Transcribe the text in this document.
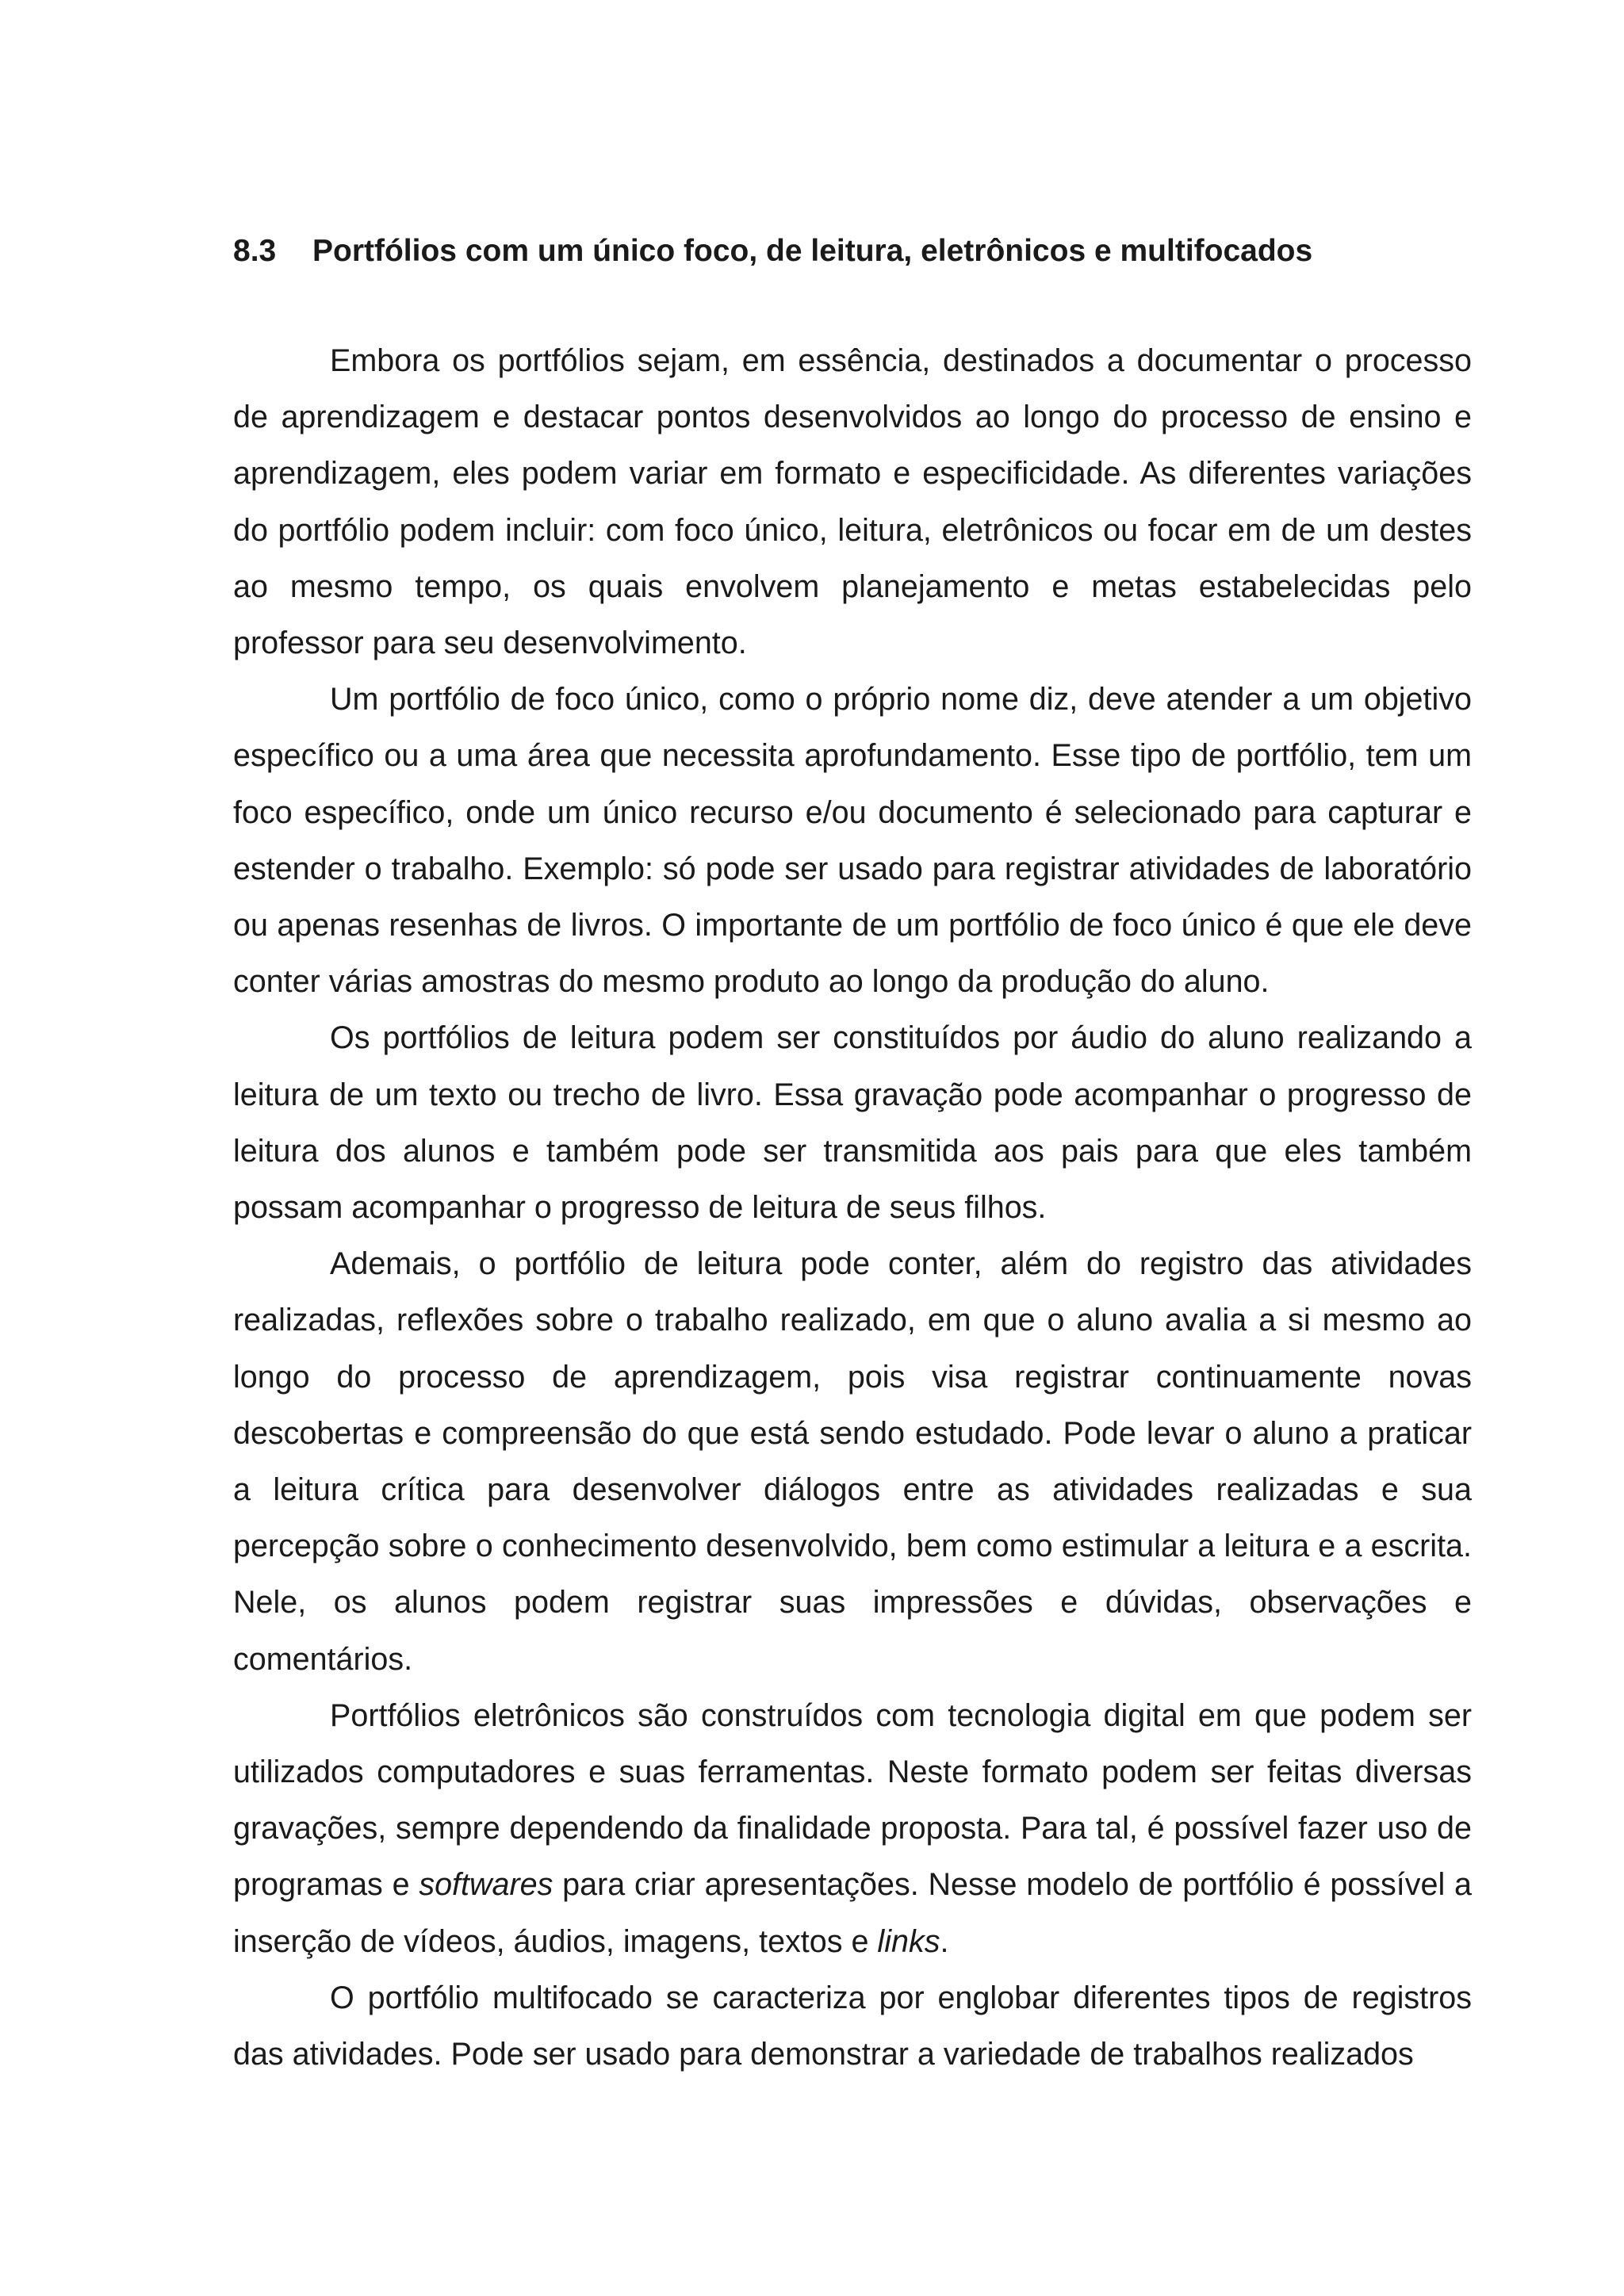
8.3 Portfólios com um único foco, de leitura, eletrônicos e multifocados

Embora os portfólios sejam, em essência, destinados a documentar o processo de aprendizagem e destacar pontos desenvolvidos ao longo do processo de ensino e aprendizagem, eles podem variar em formato e especificidade. As diferentes variações do portfólio podem incluir: com foco único, leitura, eletrônicos ou focar em de um destes ao mesmo tempo, os quais envolvem planejamento e metas estabelecidas pelo professor para seu desenvolvimento.

Um portfólio de foco único, como o próprio nome diz, deve atender a um objetivo específico ou a uma área que necessita aprofundamento. Esse tipo de portfólio, tem um foco específico, onde um único recurso e/ou documento é selecionado para capturar e estender o trabalho. Exemplo: só pode ser usado para registrar atividades de laboratório ou apenas resenhas de livros. O importante de um portfólio de foco único é que ele deve conter várias amostras do mesmo produto ao longo da produção do aluno.

Os portfólios de leitura podem ser constituídos por áudio do aluno realizando a leitura de um texto ou trecho de livro. Essa gravação pode acompanhar o progresso de leitura dos alunos e também pode ser transmitida aos pais para que eles também possam acompanhar o progresso de leitura de seus filhos.

Ademais, o portfólio de leitura pode conter, além do registro das atividades realizadas, reflexões sobre o trabalho realizado, em que o aluno avalia a si mesmo ao longo do processo de aprendizagem, pois visa registrar continuamente novas descobertas e compreensão do que está sendo estudado. Pode levar o aluno a praticar a leitura crítica para desenvolver diálogos entre as atividades realizadas e sua percepção sobre o conhecimento desenvolvido, bem como estimular a leitura e a escrita. Nele, os alunos podem registrar suas impressões e dúvidas, observações e comentários.

Portfólios eletrônicos são construídos com tecnologia digital em que podem ser utilizados computadores e suas ferramentas. Neste formato podem ser feitas diversas gravações, sempre dependendo da finalidade proposta. Para tal, é possível fazer uso de programas e softwares para criar apresentações. Nesse modelo de portfólio é possível a inserção de vídeos, áudios, imagens, textos e links.

O portfólio multifocado se caracteriza por englobar diferentes tipos de registros das atividades. Pode ser usado para demonstrar a variedade de trabalhos realizados
